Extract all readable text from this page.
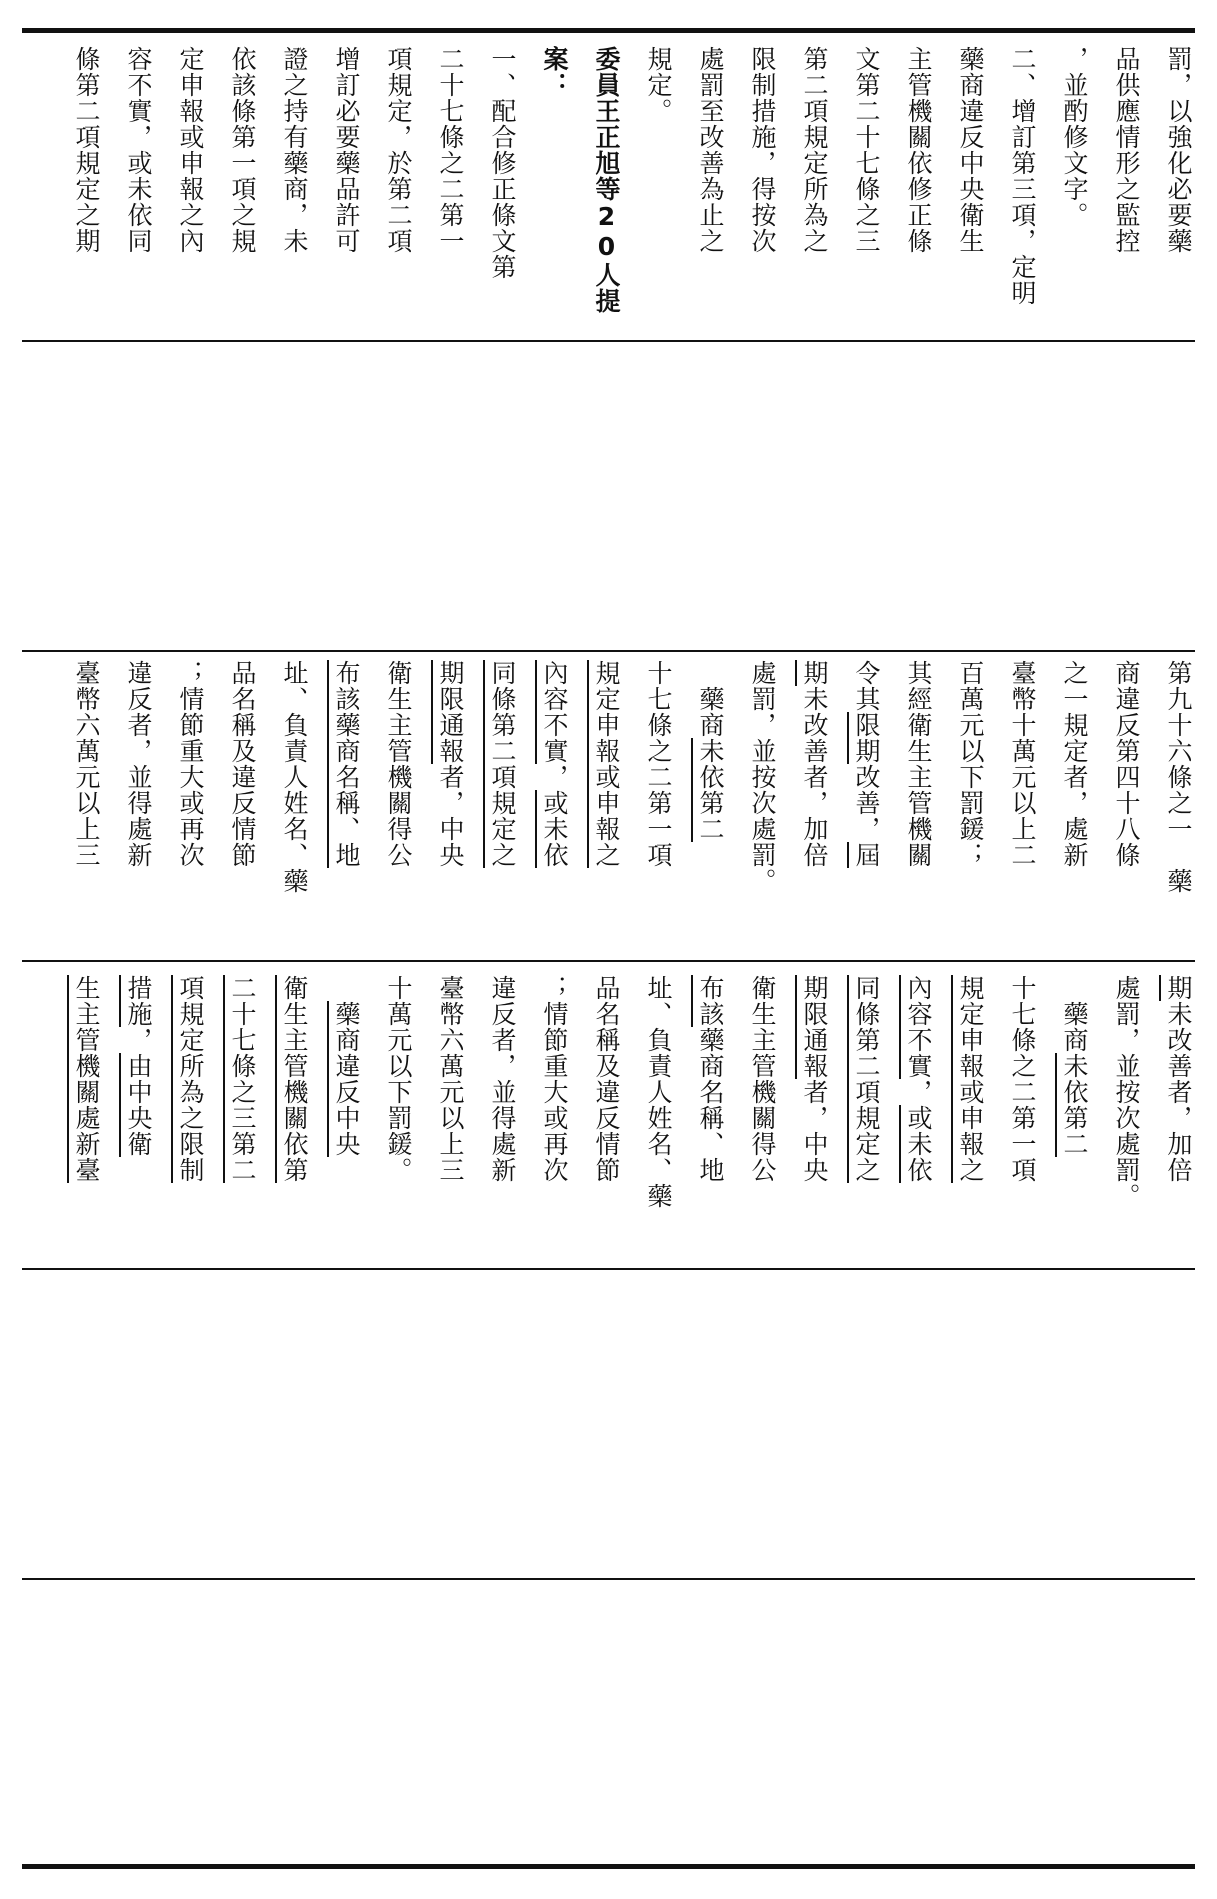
罰，以強化必要藥
品供應情形之監控
，並酌修文字。
二、增訂第三項，定明
藥商違反中央衛生
主管機關依修正條
文第二十七條之三
第二項規定所為之
限制措施，得按次
處罰至改善為止之
規定。
委員王正旭等20人提
案：
一、配合修正條文第
二十七條之二第一
項規定，於第二項
增訂必要藥品許可
證之持有藥商，未
依該條第一項之規
定申報或申報之內
容不實，或未依同
條第二項規定之期
第九十六條之一　藥
商違反第四十八條
之一規定者，處新
臺幣十萬元以上二
百萬元以下罰鍰；
其經衛生主管機關
令其限期改善，屆
期未改善者，加倍
處罰，並按次處罰。
　藥商未依第二
十七條之二第一項
規定申報或申報之
內容不實，或未依
同條第二項規定之
期限通報者，中央
衛生主管機關得公
布該藥商名稱、地
址、負責人姓名、藥
品名稱及違反情節
；情節重大或再次
違反者，並得處新
臺幣六萬元以上三
期未改善者，加倍
處罰，並按次處罰。
　藥商未依第二
十七條之二第一項
規定申報或申報之
內容不實，或未依
同條第二項規定之
期限通報者，中央
衛生主管機關得公
布該藥商名稱、地
址、負責人姓名、藥
品名稱及違反情節
；情節重大或再次
違反者，並得處新
臺幣六萬元以上三
十萬元以下罰鍰。
　藥商違反中央
衛生主管機關依第
二十七條之三第二
項規定所為之限制
措施，由中央衛
生主管機關處新臺
